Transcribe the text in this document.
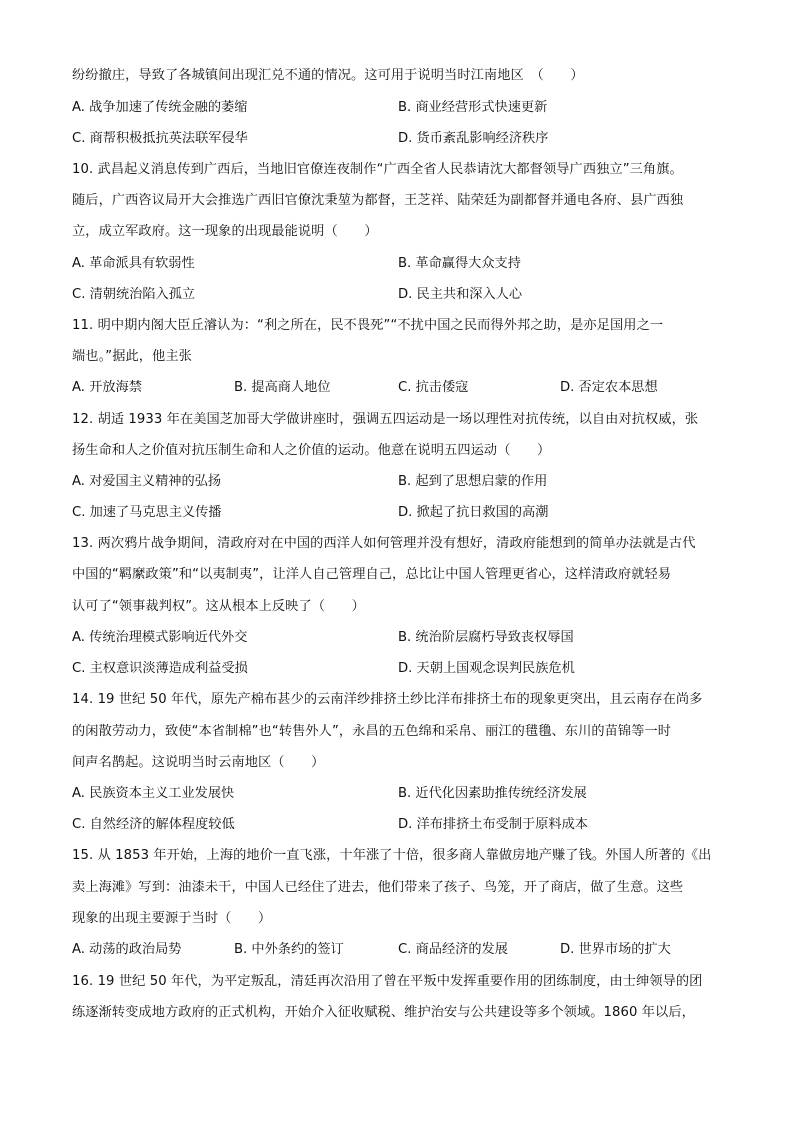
纷纷撤庄，导致了各城镇间出现汇兑不通的情况。这可用于说明当时江南地区　（　　）
A. 战争加速了传统金融的萎缩	B. 商业经营形式快速更新
C. 商帮积极抵抗英法联军侵华	D. 货币紊乱影响经济秩序
10. 武昌起义消息传到广西后，当地旧官僚连夜制作“广西全省人民恭请沈大都督领导广西独立”三角旗。
随后，广西咨议局开大会推选广西旧官僚沈秉堃为都督，王芝祥、陆荣廷为副都督并通电各府、县广西独
立，成立军政府。这一现象的出现最能说明（　　）
A. 革命派具有软弱性	B. 革命赢得大众支持
C. 清朝统治陷入孤立	D. 民主共和深入人心
11. 明中期内阁大臣丘濬认为：“利之所在，民不畏死”“不扰中国之民而得外邦之助，是亦足国用之一
端也。”据此，他主张
A. 开放海禁	B. 提高商人地位	C. 抗击倭寇	D. 否定农本思想
12. 胡适 1933 年在美国芝加哥大学做讲座时，强调五四运动是一场以理性对抗传统，以自由对抗权威，张
扬生命和人之价值对抗压制生命和人之价值的运动。他意在说明五四运动（　　）
A. 对爱国主义精神的弘扬	B. 起到了思想启蒙的作用
C. 加速了马克思主义传播	D. 掀起了抗日救国的高潮
13. 两次鸦片战争期间，清政府对在中国的西洋人如何管理并没有想好，清政府能想到的简单办法就是古代
中国的“羁縻政策”和“以夷制夷”，让洋人自己管理自己，总比让中国人管理更省心，这样清政府就轻易
认可了“领事裁判权”。这从根本上反映了（　　）
A. 传统治理模式影响近代外交	B. 统治阶层腐朽导致丧权辱国
C. 主权意识淡薄造成利益受损	D. 天朝上国观念误判民族危机
14. 19 世纪 50 年代，原先产棉布甚少的云南洋纱排挤土纱比洋布排挤土布的现象更突出，且云南存在尚多
的闲散劳动力，致使“本省制棉”也“转售外人”，永昌的五色绵和采帛、丽江的氆氇、东川的苗锦等一时
间声名鹊起。这说明当时云南地区（　　）
A. 民族资本主义工业发展快	B. 近代化因素助推传统经济发展
C. 自然经济的解体程度较低	D. 洋布排挤土布受制于原料成本
15. 从 1853 年开始，上海的地价一直飞涨，十年涨了十倍，很多商人靠做房地产赚了钱。外国人所著的《出
卖上海滩》写到：油漆未干，中国人已经住了进去，他们带来了孩子、鸟笼，开了商店，做了生意。这些
现象的出现主要源于当时（　　）
A. 动荡的政治局势	B. 中外条约的签订	C. 商品经济的发展	D. 世界市场的扩大
16. 19 世纪 50 年代，为平定叛乱，清廷再次沿用了曾在平叛中发挥重要作用的团练制度，由士绅领导的团
练逐渐转变成地方政府的正式机构，开始介入征收赋税、维护治安与公共建设等多个领域。1860 年以后，
